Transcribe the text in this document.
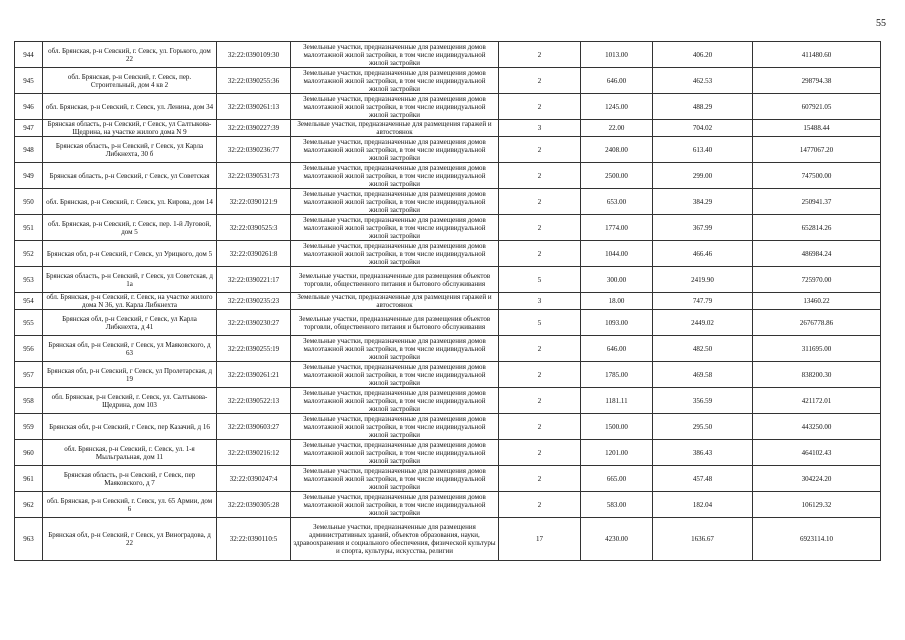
55
944	обл. Брянская, р-н Севский, г. Севск, ул. Горького, дом 22	32:22:0390109:30	Земельные участки, предназначенные для размещения домов малоэтажной жилой застройки, в том числе индивидуальной жилой застройки	2	1013.00	406.20	411480.60
945	обл. Брянская, р-н Севский, г. Севск, пер. Строительный, дом 4 кв 2	32:22:0390255:36	Земельные участки, предназначенные для размещения домов малоэтажной жилой застройки, в том числе индивидуальной жилой застройки	2	646.00	462.53	298794.38
946	обл. Брянская, р-н Севский, г. Севск, ул. Ленина, дом 34	32:22:0390261:13	Земельные участки, предназначенные для размещения домов малоэтажной жилой застройки, в том числе индивидуальной жилой застройки	2	1245.00	488.29	607921.05
947	Брянская область, р-н Севский, г Севск, ул Салтыкова-Щедрина, на участке жилого дома N 9	32:22:0390227:39	Земельные участки, предназначенные для размещения гаражей и автостоянок	3	22.00	704.02	15488.44
948	Брянская область, р-н Севский, г Севск, ул Карла Либкнехта, 30 б	32:22:0390236:77	Земельные участки, предназначенные для размещения домов малоэтажной жилой застройки, в том числе индивидуальной жилой застройки	2	2408.00	613.40	1477067.20
949	Брянская область, р-н Севский, г Севск, ул Советская	32:22:0390531:73	Земельные участки, предназначенные для размещения домов малоэтажной жилой застройки, в том числе индивидуальной жилой застройки	2	2500.00	299.00	747500.00
950	обл. Брянская, р-н Севский, г. Севск, ул. Кирова, дом 14	32:22:0390121:9	Земельные участки, предназначенные для размещения домов малоэтажной жилой застройки, в том числе индивидуальной жилой застройки	2	653.00	384.29	250941.37
951	обл. Брянская, р-н Севский, г. Севск, пер. 1-й Луговой, дом 5	32:22:0390525:3	Земельные участки, предназначенные для размещения домов малоэтажной жилой застройки, в том числе индивидуальной жилой застройки	2	1774.00	367.99	652814.26
952	Брянская обл, р-н Севский, г Севск, ул Урицкого, дом 5	32:22:0390261:8	Земельные участки, предназначенные для размещения домов малоэтажной жилой застройки, в том числе индивидуальной жилой застройки	2	1044.00	466.46	486984.24
953	Брянская область, р-н Севский, г Севск, ул Советская, д 1а	32:22:0390221:17	Земельные участки, предназначенные для размещения объектов торговли, общественного питания и бытового обслуживания	5	300.00	2419.90	725970.00
954	обл. Брянская, р-н Севский, г. Севск, на участке жилого дома N 36, ул. Карла Либкнехта	32:22:0390235:23	Земельные участки, предназначенные для размещения гаражей и автостоянок	3	18.00	747.79	13460.22
955	Брянская обл, р-н Севский, г Севск, ул Карла Либкнехта, д 41	32:22:0390230:27	Земельные участки, предназначенные для размещения объектов торговли, общественного питания и бытового обслуживания	5	1093.00	2449.02	2676778.86
956	Брянская обл, р-н Севский, г Севск, ул Маяковского, д 63	32:22:0390255:19	Земельные участки, предназначенные для размещения домов малоэтажной жилой застройки, в том числе индивидуальной жилой застройки	2	646.00	482.50	311695.00
957	Брянская обл, р-н Севский, г Севск, ул Пролетарская, д 19	32:22:0390261:21	Земельные участки, предназначенные для размещения домов малоэтажной жилой застройки, в том числе индивидуальной жилой застройки	2	1785.00	469.58	838200.30
958	обл. Брянская, р-н Севский, г. Севск, ул. Салтыкова-Щедрина, дом 103	32:22:0390522:13	Земельные участки, предназначенные для размещения домов малоэтажной жилой застройки, в том числе индивидуальной жилой застройки	2	1181.11	356.59	421172.01
959	Брянская обл, р-н Севский, г Севск, пер Казачий, д 16	32:22:0390603:27	Земельные участки, предназначенные для размещения домов малоэтажной жилой застройки, в том числе индивидуальной жилой застройки	2	1500.00	295.50	443250.00
960	обл. Брянская, р-н Севский, г. Севск, ул. 1-я Мыльгральная, дом 11	32:22:0390216:12	Земельные участки, предназначенные для размещения домов малоэтажной жилой застройки, в том числе индивидуальной жилой застройки	2	1201.00	386.43	464102.43
961	Брянская область, р-н Севский, г Севск, пер Маяковского, д 7	32:22:0390247:4	Земельные участки, предназначенные для размещения домов малоэтажной жилой застройки, в том числе индивидуальной жилой застройки	2	665.00	457.48	304224.20
962	обл. Брянская, р-н Севский, г. Севск, ул. 65 Армии, дом 6	32:22:0390305:28	Земельные участки, предназначенные для размещения домов малоэтажной жилой застройки, в том числе индивидуальной жилой застройки	2	583.00	182.04	106129.32
963	Брянская обл, р-н Севский, г Севск, ул Виноградова, д 22	32:22:0390110:5	Земельные участки, предназначенные для размещения административных зданий, объектов образования, науки, здравоохранения и социального обеспечения, физической культуры и спорта, культуры, искусства, религии	17	4230.00	1636.67	6923114.10
